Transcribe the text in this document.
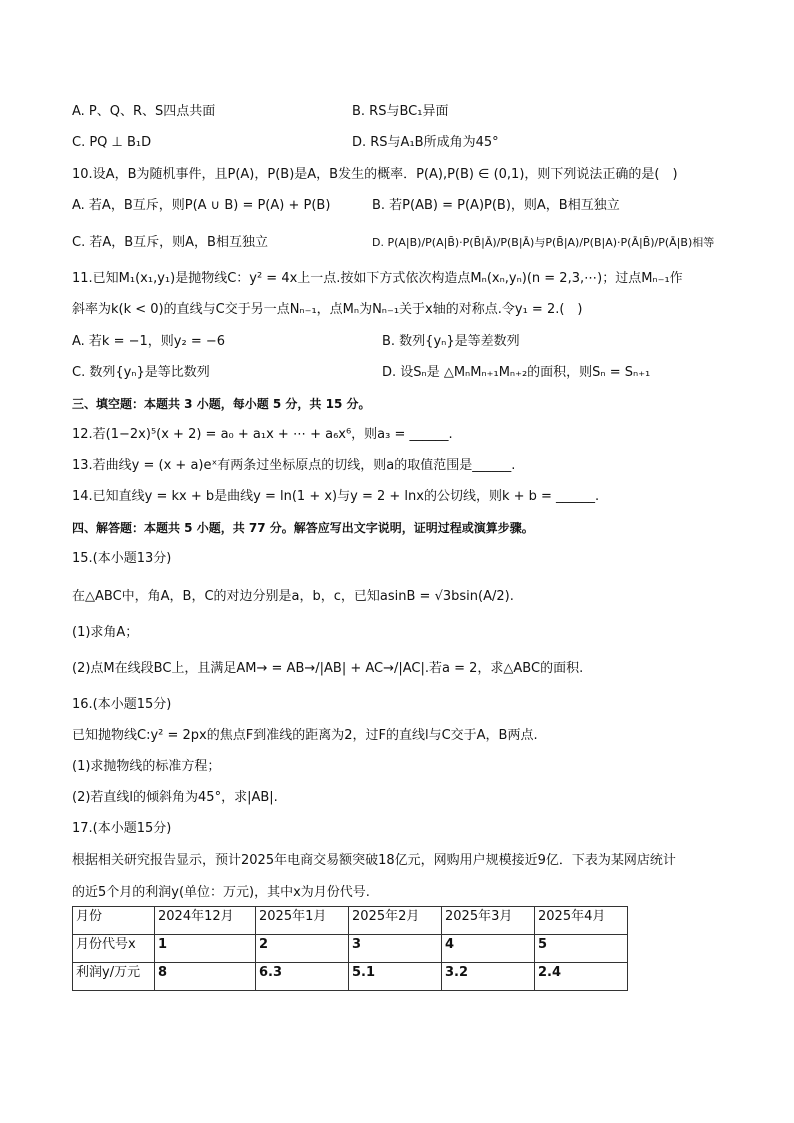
A. P、Q、R、S四点共面	B. RS与BC₁异面
C. PQ ⊥ B₁D	D. RS与A₁B所成角为45°
10.设A，B为随机事件，且P(A)，P(B)是A，B发生的概率．P(A),P(B) ∈ (0,1)，则下列说法正确的是(　)
A. 若A，B互斥，则P(A ∪ B) = P(A) + P(B)	B. 若P(AB) = P(A)P(B)，则A，B相互独立
C. 若A，B互斥，则A，B相互独立	D. P(A|B)/P(A|B̄)·P(B̄|Ā)/P(B|Ā)与P(B̄|A)/P(B|A)·P(Ā|B̄)/P(Ā|B)相等
11.已知M₁(x₁,y₁)是抛物线C：y² = 4x上一点.按如下方式依次构造点Mₙ(xₙ,yₙ)(n = 2,3,⋯)；过点Mₙ₋₁作
斜率为k(k < 0)的直线与C交于另一点Nₙ₋₁，点Mₙ为Nₙ₋₁关于x轴的对称点.令y₁ = 2.(　)
A. 若k = −1，则y₂ = −6	B. 数列{yₙ}是等差数列
C. 数列{yₙ}是等比数列	D. 设Sₙ是 △MₙMₙ₊₁Mₙ₊₂的面积，则Sₙ = Sₙ₊₁
三、填空题：本题共 3 小题，每小题 5 分，共 15 分。
12.若(1−2x)⁵(x + 2) = a₀ + a₁x + ⋯ + a₆x⁶，则a₃ = ______.
13.若曲线y = (x + a)eˣ有两条过坐标原点的切线，则a的取值范围是______.
14.已知直线y = kx + b是曲线y = ln(1 + x)与y = 2 + lnx的公切线，则k + b = ______.
四、解答题：本题共 5 小题，共 77 分。解答应写出文字说明，证明过程或演算步骤。
15.(本小题13分)
在△ABC中，角A，B，C的对边分别是a，b，c，已知asinB = √3bsin(A/2).
(1)求角A；
(2)点M在线段BC上，且满足AM→ = AB→/|AB| + AC→/|AC|.若a = 2，求△ABC的面积.
16.(本小题15分)
已知抛物线C:y² = 2px的焦点F到准线的距离为2，过F的直线l与C交于A，B两点.
(1)求抛物线的标准方程；
(2)若直线l的倾斜角为45°，求|AB|.
17.(本小题15分)
根据相关研究报告显示，预计2025年电商交易额突破18亿元，网购用户规模接近9亿．下表为某网店统计
的近5个月的利润y(单位：万元)，其中x为月份代号.
月份	2024年12月	2025年1月	2025年2月	2025年3月	2025年4月
月份代号x	1	2	3	4	5
利润y/万元	8	6.3	5.1	3.2	2.4
